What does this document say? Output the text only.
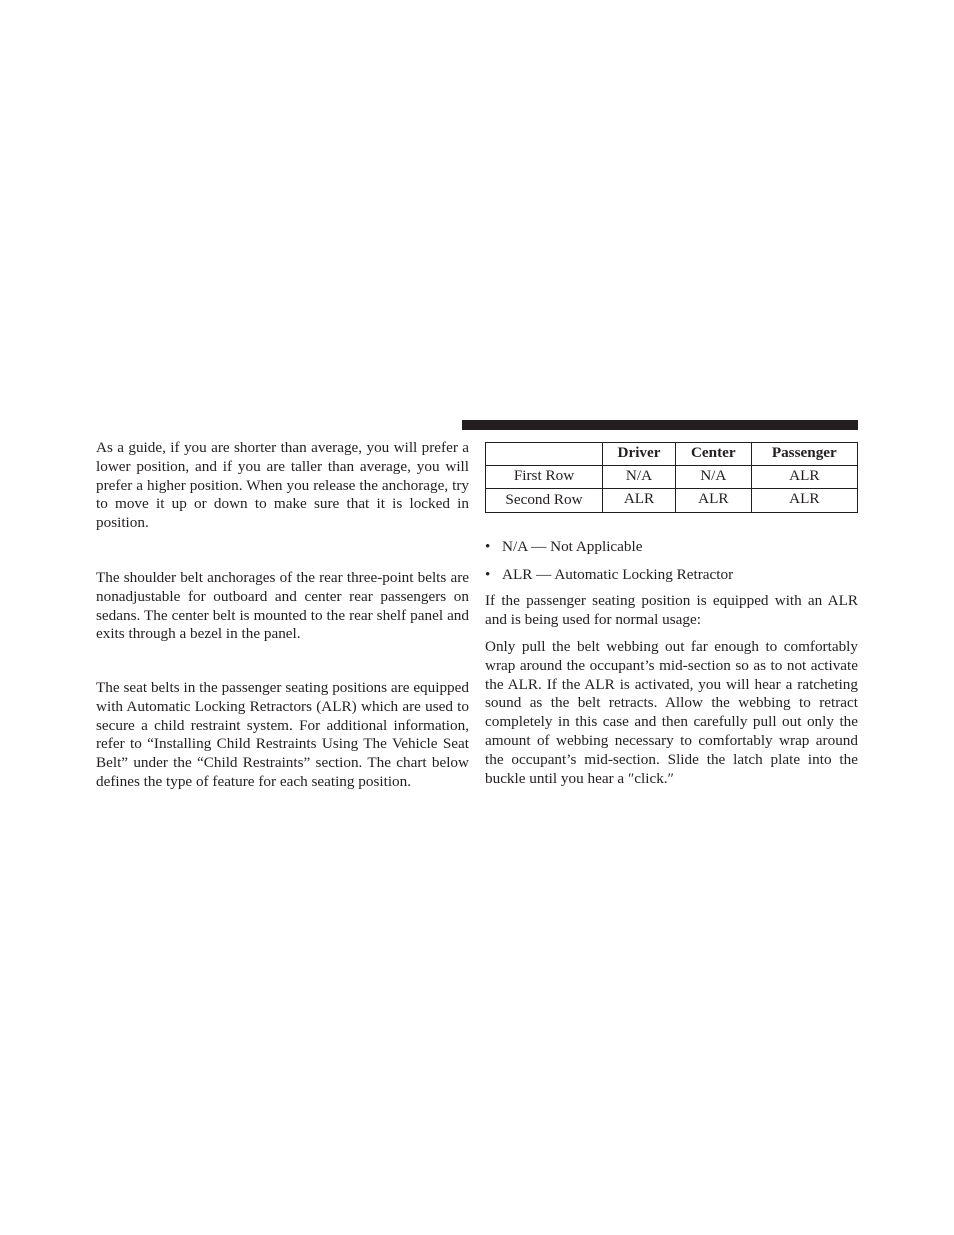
As a guide, if you are shorter than average, you will prefer a lower position, and if you are taller than average, you will prefer a higher position. When you release the anchorage, try to move it up or down to make sure that it is locked in position.

The shoulder belt anchorages of the rear three-point belts are nonadjustable for outboard and center rear passengers on sedans. The center belt is mounted to the rear shelf panel and exits through a bezel in the panel.

The seat belts in the passenger seating positions are equipped with Automatic Locking Retractors (ALR) which are used to secure a child restraint system. For additional information, refer to “Installing Child Restraints Using The Vehicle Seat Belt” under the “Child Restraints” section. The chart below defines the type of feature for each seating position.

	Driver	Center	Passenger
First Row	N/A	N/A	ALR
Second Row	ALR	ALR	ALR
• N/A — Not Applicable
• ALR — Automatic Locking Retractor

If the passenger seating position is equipped with an ALR and is being used for normal usage:

Only pull the belt webbing out far enough to comfortably wrap around the occupant’s mid-section so as to not activate the ALR. If the ALR is activated, you will hear a ratcheting sound as the belt retracts. Allow the webbing to retract completely in this case and then carefully pull out only the amount of webbing necessary to comfortably wrap around the occupant’s mid-section. Slide the latch plate into the buckle until you hear a ″click.″
